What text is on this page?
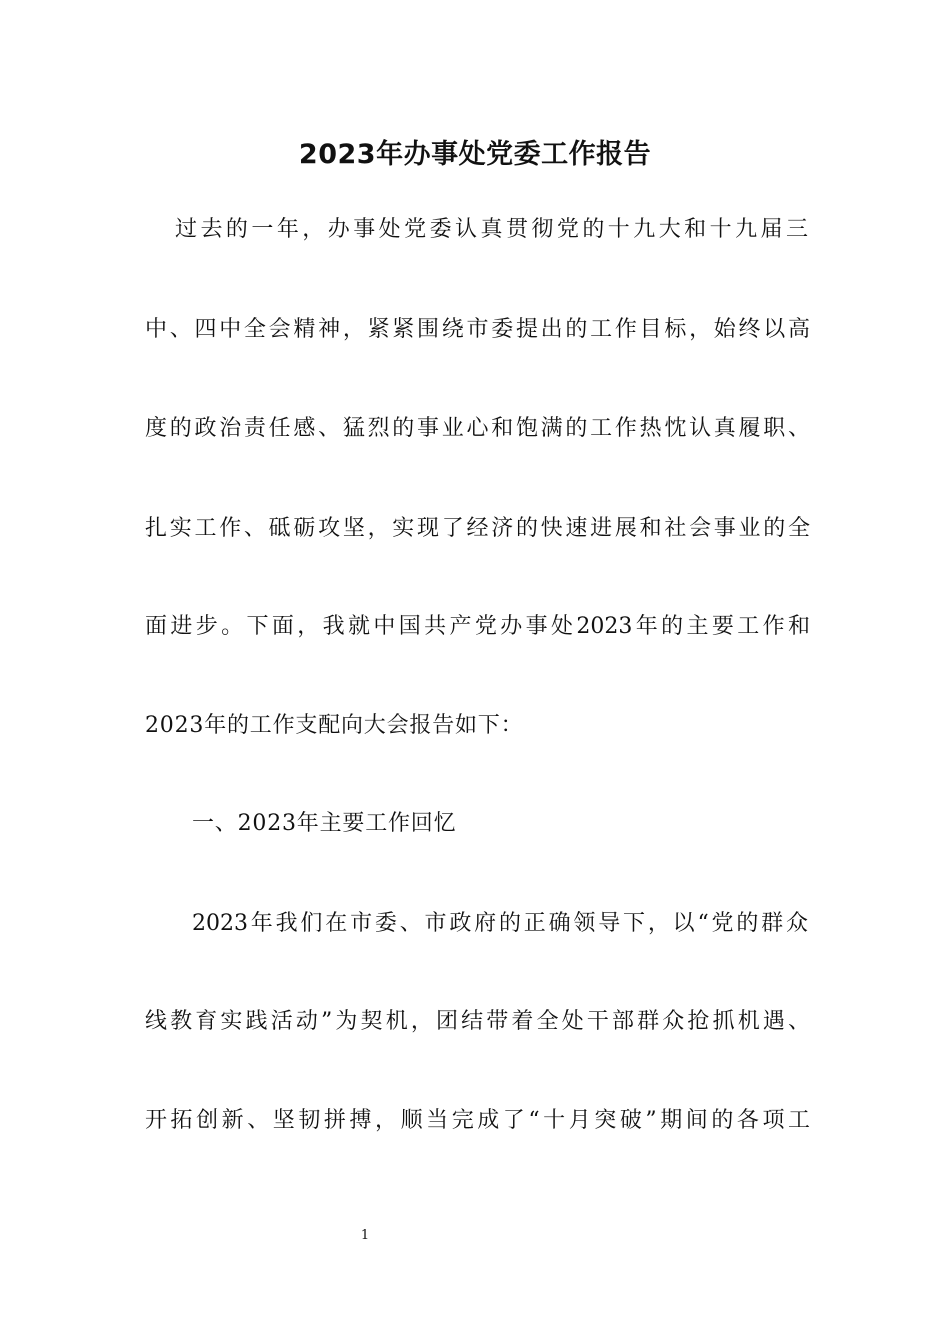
2023年办事处党委工作报告
过去的一年，办事处党委认真贯彻党的十九大和十九届三
中、四中全会精神，紧紧围绕市委提出的工作目标，始终以高
度的政治责任感、猛烈的事业心和饱满的工作热忱认真履职、
扎实工作、砥砺攻坚，实现了经济的快速进展和社会事业的全
面进步。下面，我就中国共产党办事处2023年的主要工作和
2023年的工作支配向大会报告如下：
一、2023年主要工作回忆
2023年我们在市委、市政府的正确领导下，以“党的群众
线教育实践活动”为契机，团结带着全处干部群众抢抓机遇、
开拓创新、坚韧拼搏，顺当完成了“十月突破”期间的各项工
1
